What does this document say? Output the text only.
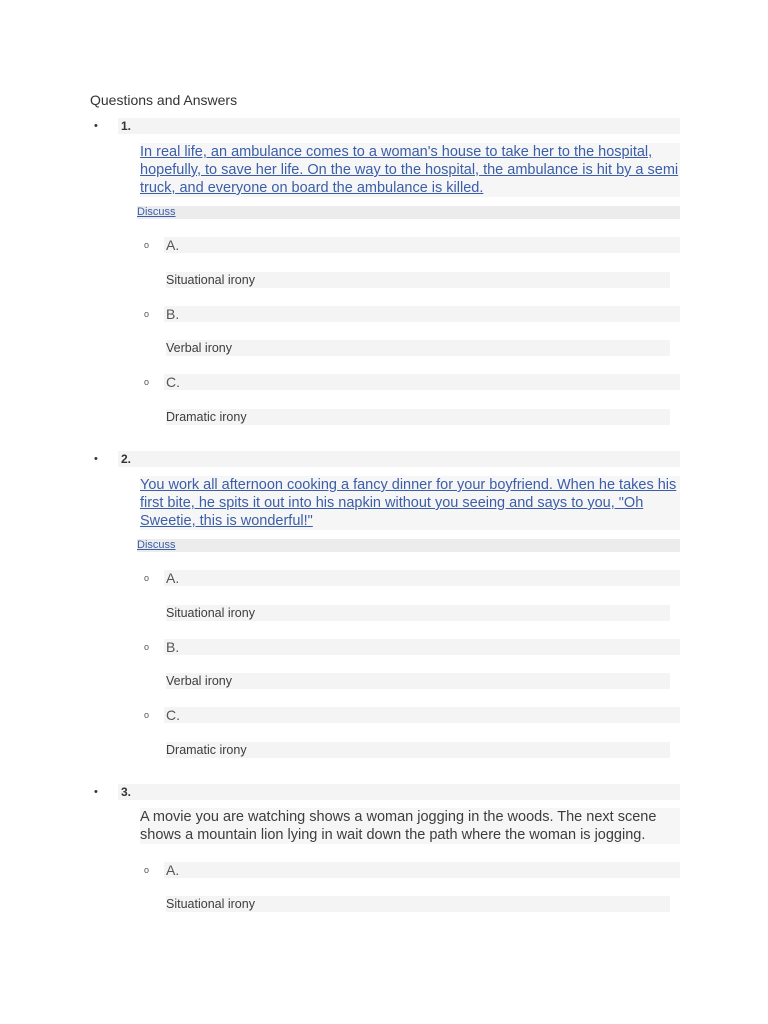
Questions and Answers
• 1.
In real life, an ambulance comes to a woman's house to take her to the hospital, hopefully, to save her life. On the way to the hospital, the ambulance is hit by a semi truck, and everyone on board the ambulance is killed.
Discuss
o A.
Situational irony
o B.
Verbal irony
o C.
Dramatic irony
• 2.
You work all afternoon cooking a fancy dinner for your boyfriend. When he takes his first bite, he spits it out into his napkin without you seeing and says to you, "Oh Sweetie, this is wonderful!"
Discuss
o A.
Situational irony
o B.
Verbal irony
o C.
Dramatic irony
• 3.
A movie you are watching shows a woman jogging in the woods. The next scene shows a mountain lion lying in wait down the path where the woman is jogging.
o A.
Situational irony
